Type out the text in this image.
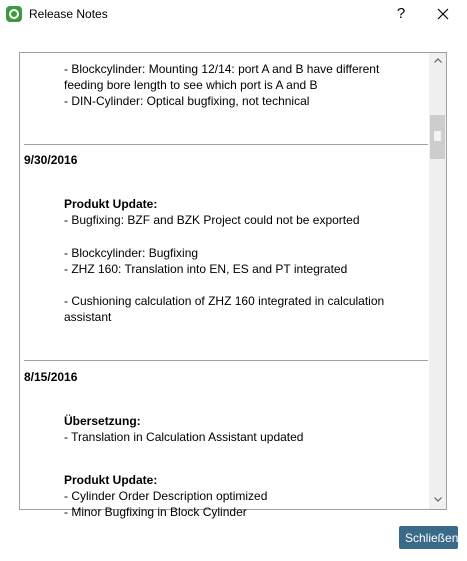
Release Notes	?
- Blockcylinder: Mounting 12/14: port A and B have different
feeding bore length to see which port is A and B
- DIN-Cylinder: Optical bugfixing, not technical
9/30/2016
Produkt Update:
- Bugfixing: BZF and BZK Project could not be exported
- Blockcylinder: Bugfixing
- ZHZ 160: Translation into EN, ES and PT integrated
- Cushioning calculation of ZHZ 160 integrated in calculation
assistant
8/15/2016
Übersetzung:
- Translation in Calculation Assistant updated
Produkt Update:
- Cylinder Order Description optimized
- Minor Bugfixing in Block Cylinder
Schließen
